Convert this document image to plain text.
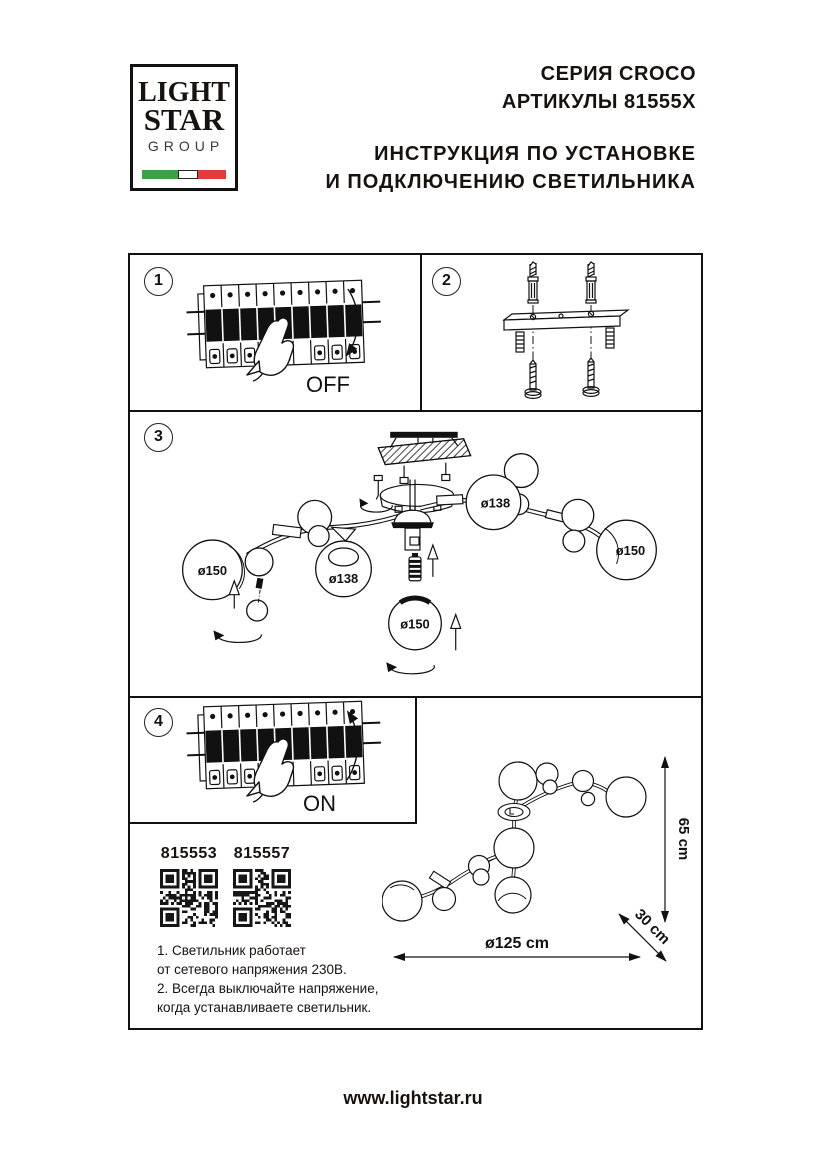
LIGHT
STAR
GROUP
СЕРИЯ CROCO
АРТИКУЛЫ 81555X
ИНСТРУКЦИЯ ПО УСТАНОВКЕ
И ПОДКЛЮЧЕНИЮ СВЕТИЛЬНИКА
1
OFF
2
3
ø150
ø138
ø138
ø150
ø150
4
ON
815553 815557
1. Светильник работает
от сетевого напряжения 230В.
2. Всегда выключайте напряжение,
когда устанавливаете светильник.
65 cm
30 cm
ø125 cm
www.lightstar.ru
